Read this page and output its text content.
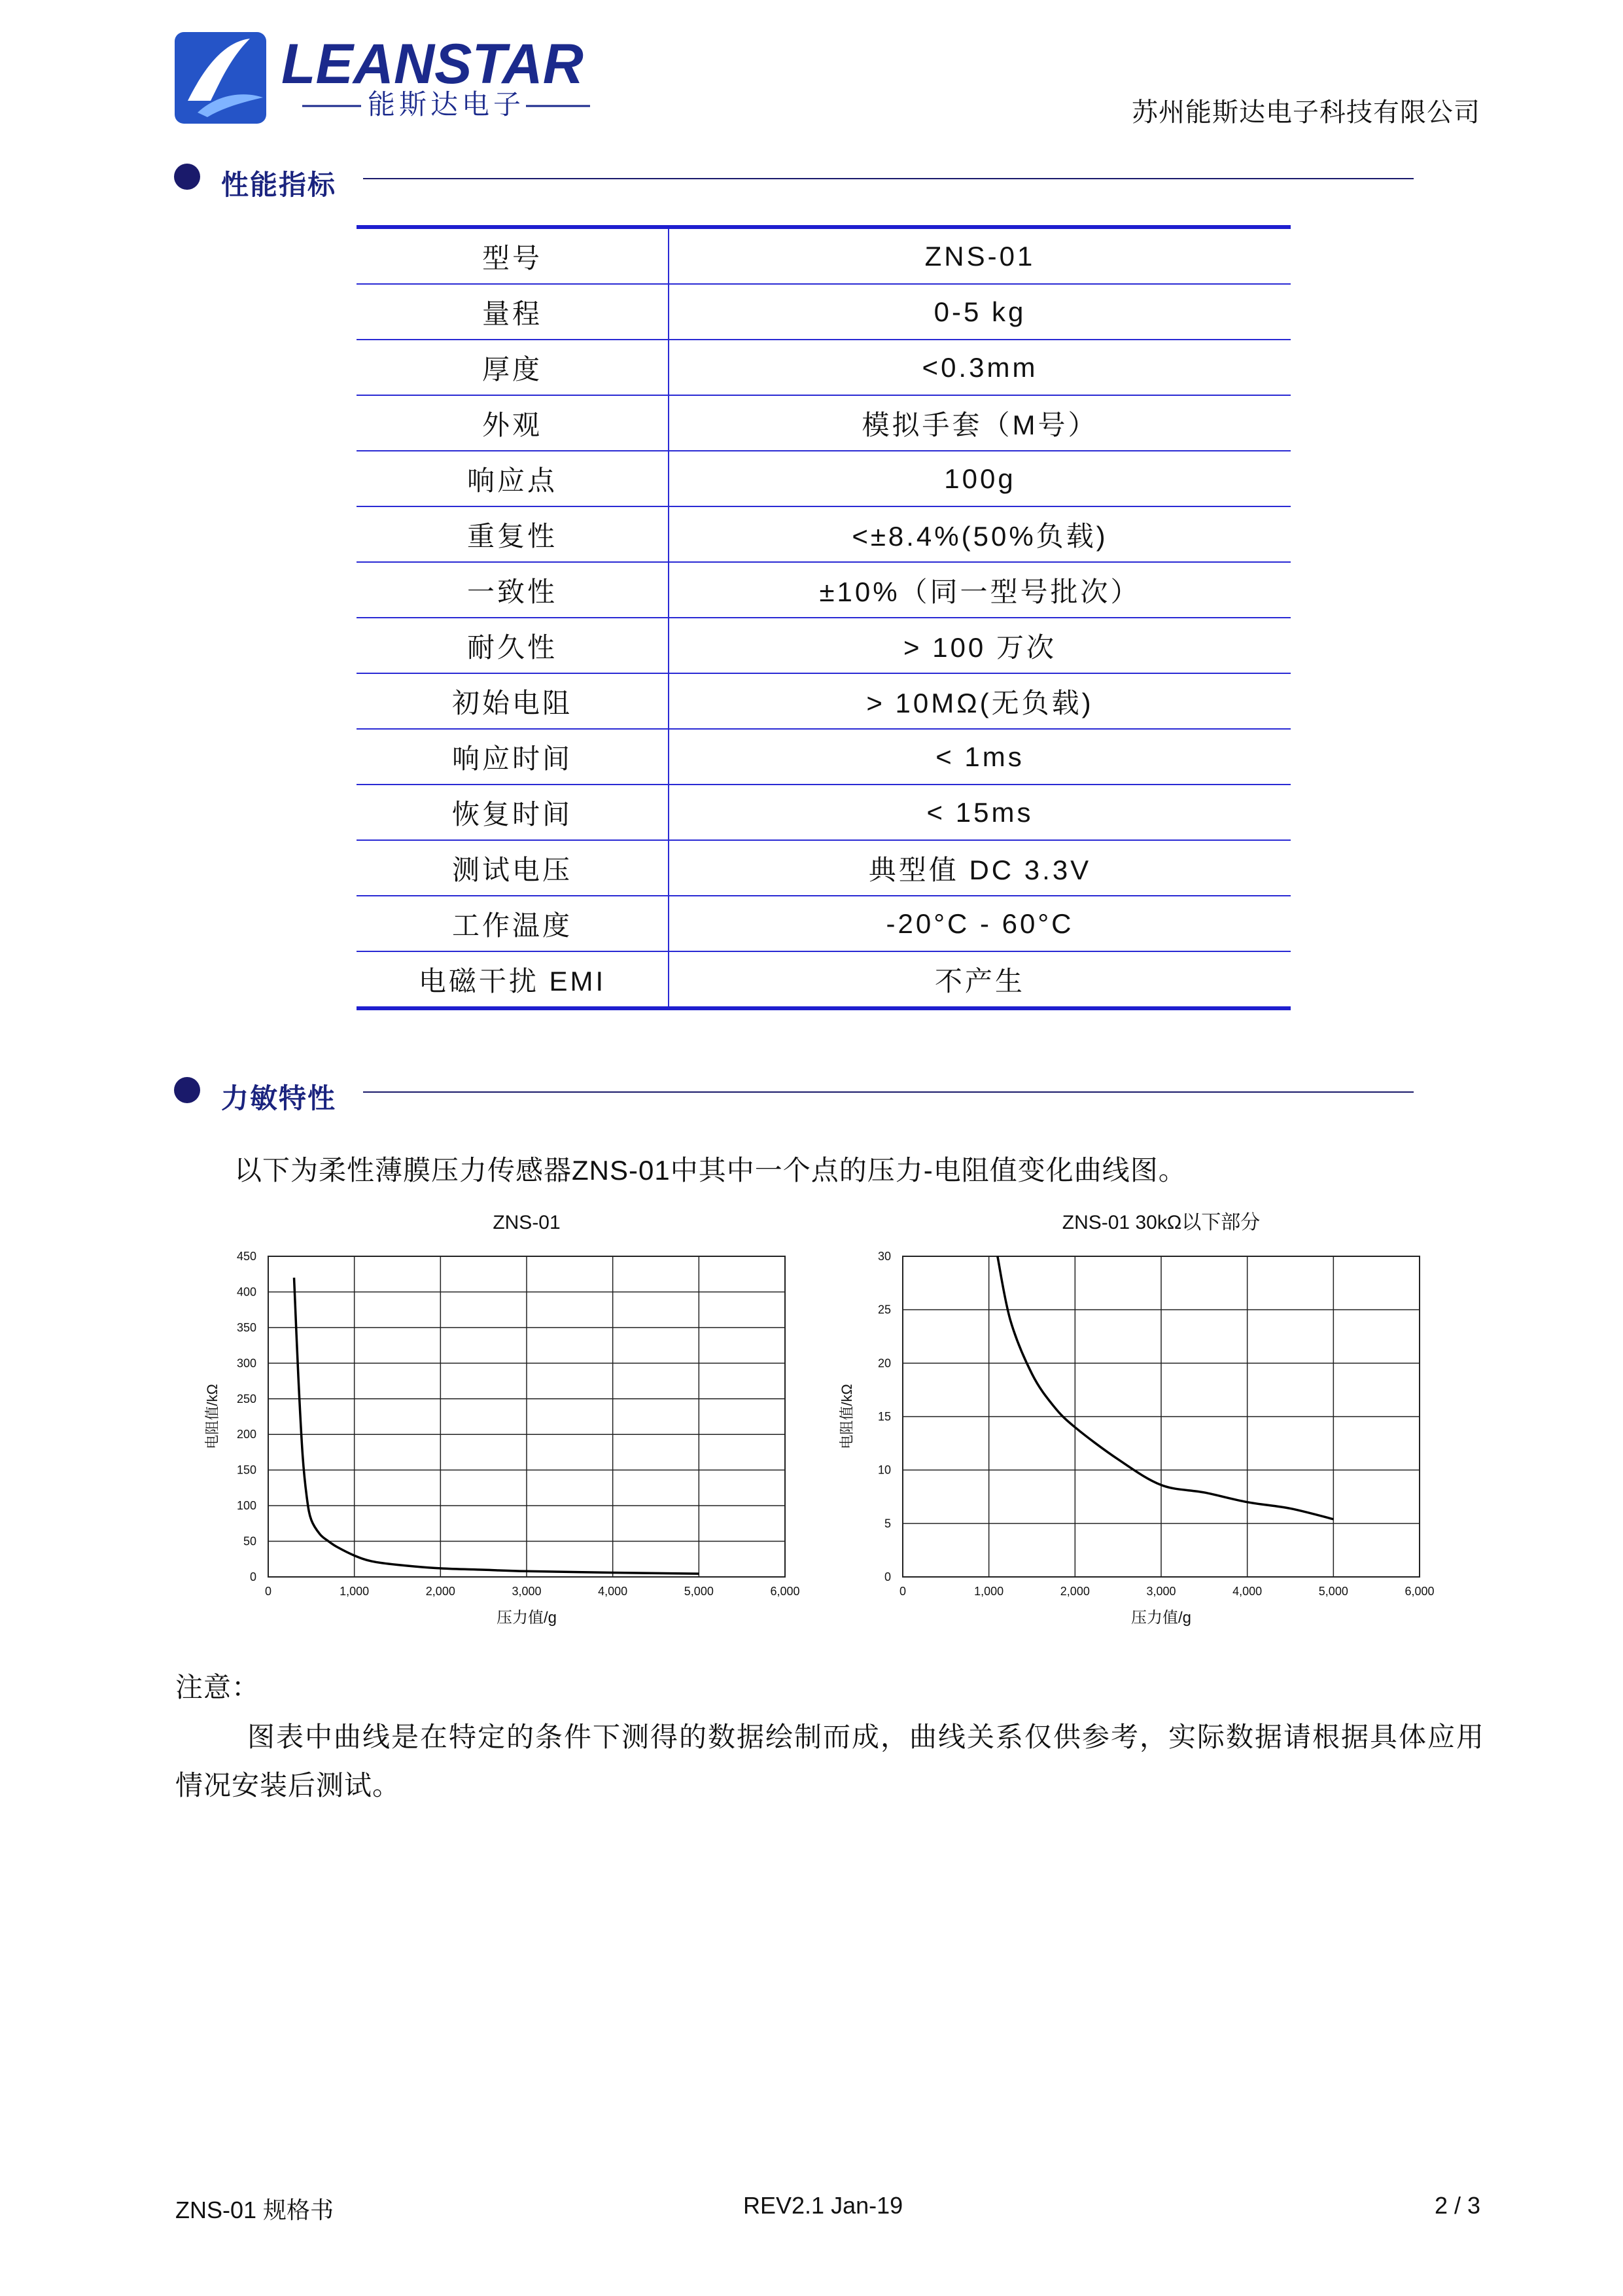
LEANSTAR
能斯达电子	苏州能斯达电子科技有限公司
性能指标
型号	ZNS-01
量程	0-5 kg
厚度	<0.3mm
外观	模拟手套（M号）
响应点	100g
重复性	<±8.4%(50%负载)
一致性	±10%（同一型号批次）
耐久性	> 100 万次
初始电阻	> 10MΩ(无负载)
响应时间	< 1ms
恢复时间	< 15ms
测试电压	典型值 DC 3.3V
工作温度	-20°C - 60°C
电磁干扰 EMI	不产生
力敏特性
以下为柔性薄膜压力传感器ZNS-01中其中一个点的压力-电阻值变化曲线图。
ZNS-01
0	1,000	2,000	3,000	4,000	5,000	6,000
0
50
100
150
200
250
300
350
400
450
压力值/g
电阻值/kΩ
ZNS-01 30kΩ以下部分
0	1,000	2,000	3,000	4,000	5,000	6,000
0
5
10
15
20
25
30
压力值/g
电阻值/kΩ
注意：
图表中曲线是在特定的条件下测得的数据绘制而成，曲线关系仅供参考，实际数据请根据具体应用
情况安装后测试。
ZNS-01 规格书	REV2.1 Jan-19	2 / 3
